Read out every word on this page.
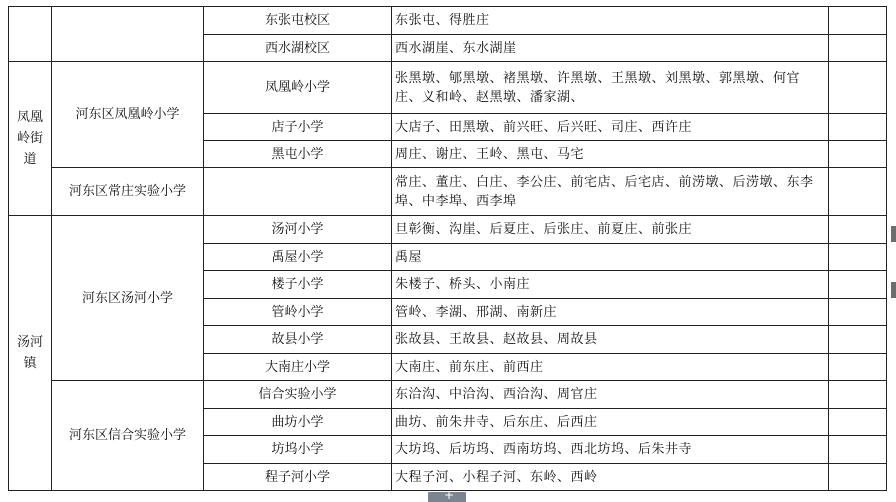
		东张屯校区	东张屯、得胜庄	
		西水湖校区	西水湖崖、东水湖崖	
凤凰岭街道	河东区凤凰岭小学	凤凰岭小学	张黑墩、郇黑墩、褚黑墩、许黑墩、王黑墩、刘黑墩、郭黑墩、何官庄、义和岭、赵黑墩、潘家湖、	
		店子小学	大店子、田黑墩、前兴旺、后兴旺、司庄、西许庄	
		黑屯小学	周庄、谢庄、王岭、黑屯、马宅	
	河东区常庄实验小学		常庄、董庄、白庄、李公庄、前宅店、后宅店、前涝墩、后涝墩、东李埠、中李埠、西李埠	
汤河镇	河东区汤河小学	汤河小学	旦彰衡、沟崖、后夏庄、后张庄、前夏庄、前张庄	
		禹屋小学	禹屋	
		楼子小学	朱楼子、桥头、小南庄	
		管岭小学	管岭、李湖、邢湖、南新庄	
		故县小学	张故县、王故县、赵故县、周故县	
		大南庄小学	大南庄、前东庄、前西庄	
	河东区信合实验小学	信合实验小学	东洽沟、中洽沟、西洽沟、周官庄	
		曲坊小学	曲坊、前朱井寺、后东庄、后西庄	
		坊坞小学	大坊坞、后坊坞、西南坊坞、西北坊坞、后朱井寺	
		程子河小学	大程子河、小程子河、东岭、西岭	
+
